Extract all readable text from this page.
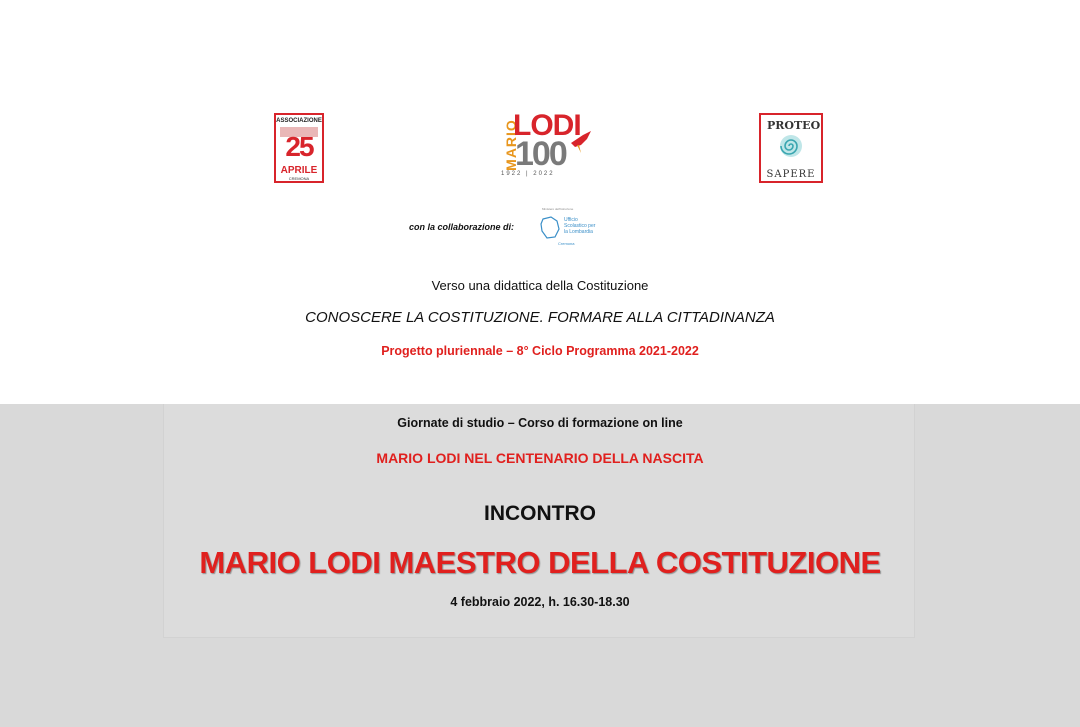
ASSOCIAZIONE
25
APRILE
CREMONA
MARIO
LODI
100
1922 | 2022
PROTEO
SAPERE
con la collaborazione di:
Ministero dell'Istruzione
Ufficio Scolastico per la Lombardia
Cremona
Verso una didattica della Costituzione
CONOSCERE LA COSTITUZIONE. FORMARE ALLA CITTADINANZA
Progetto pluriennale – 8° Ciclo Programma 2021-2022
Giornate di studio – Corso di formazione on line
MARIO LODI NEL CENTENARIO DELLA NASCITA
INCONTRO
MARIO LODI MAESTRO DELLA COSTITUZIONE
4 febbraio 2022, h. 16.30-18.30
